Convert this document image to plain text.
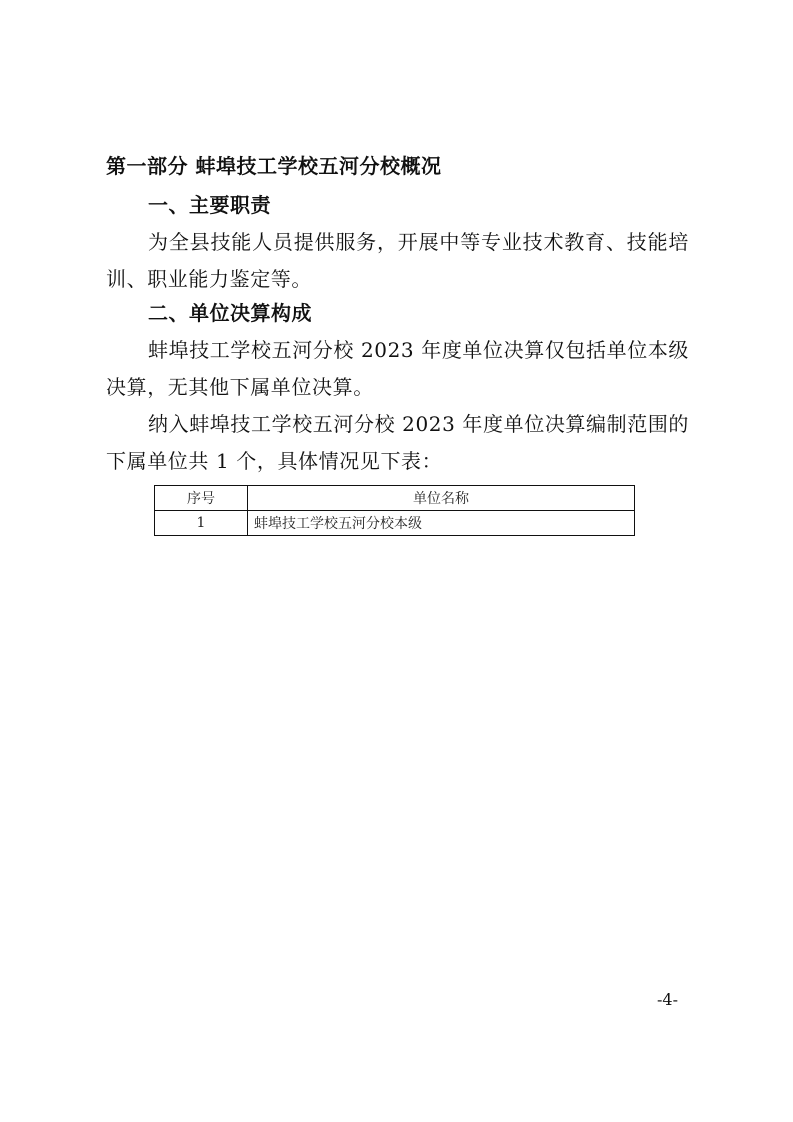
第一部分 蚌埠技工学校五河分校概况
一、主要职责

为全县技能人员提供服务，开展中等专业技术教育、技能培训、职业能力鉴定等。

二、单位决算构成

蚌埠技工学校五河分校 2023 年度单位决算仅包括单位本级决算，无其他下属单位决算。

纳入蚌埠技工学校五河分校 2023 年度单位决算编制范围的下属单位共 1 个，具体情况见下表：

序号	单位名称
1	蚌埠技工学校五河分校本级
-4-
